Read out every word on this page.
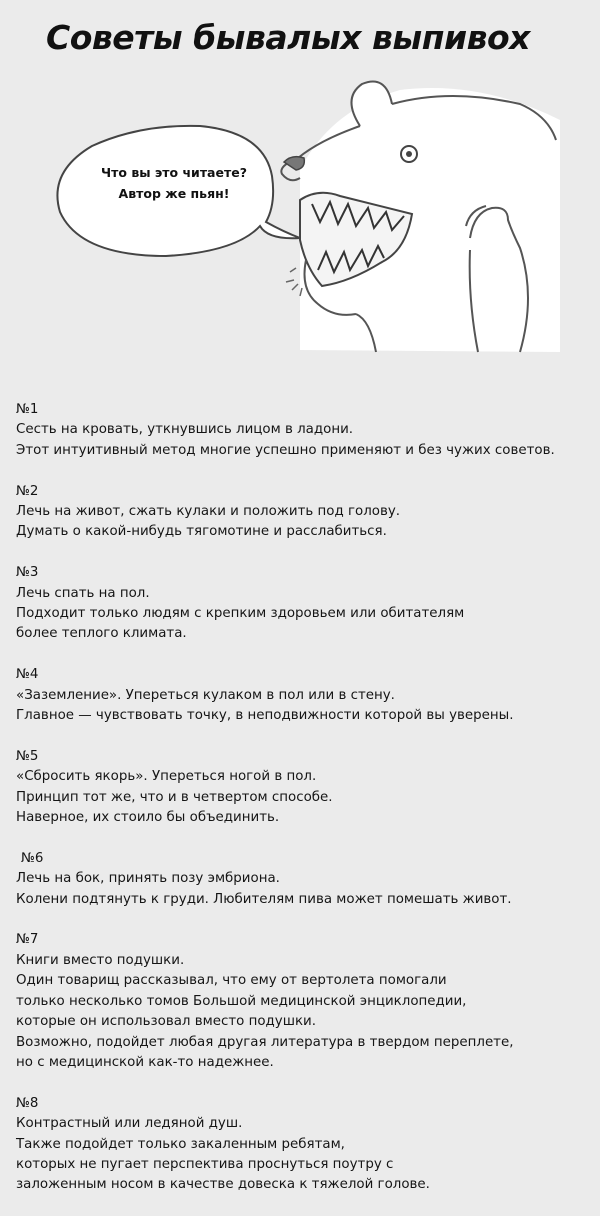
Советы бывалых выпивох
Что вы это читаете?
Автор же пьян!
№1
Сесть на кровать, уткнувшись лицом в ладони.
Этот интуитивный метод многие успешно применяют и без чужих советов.
№2
Лечь на живот, сжать кулаки и положить под голову.
Думать о какой-нибудь тягомотине и расслабиться.
№3
Лечь спать на пол.
Подходит только людям с крепким здоровьем или обитателям
более теплого климата.
№4
«Заземление». Упереться кулаком в пол или в стену.
Главное — чувствовать точку, в неподвижности которой вы уверены.
№5
«Сбросить якорь». Упереться ногой в пол.
Принцип тот же, что и в четвертом способе.
Наверное, их стоило бы объединить.
№6
Лечь на бок, принять позу эмбриона.
Колени подтянуть к груди. Любителям пива может помешать живот.
№7
Книги вместо подушки.
Один товарищ рассказывал, что ему от вертолета помогали
только несколько томов Большой медицинской энциклопедии,
которые он использовал вместо подушки.
Возможно, подойдет любая другая литература в твердом переплете,
но с медицинской как-то надежнее.
№8
Контрастный или ледяной душ.
Также подойдет только закаленным ребятам,
которых не пугает перспектива проснуться поутру с
заложенным носом в качестве довеска к тяжелой голове.
